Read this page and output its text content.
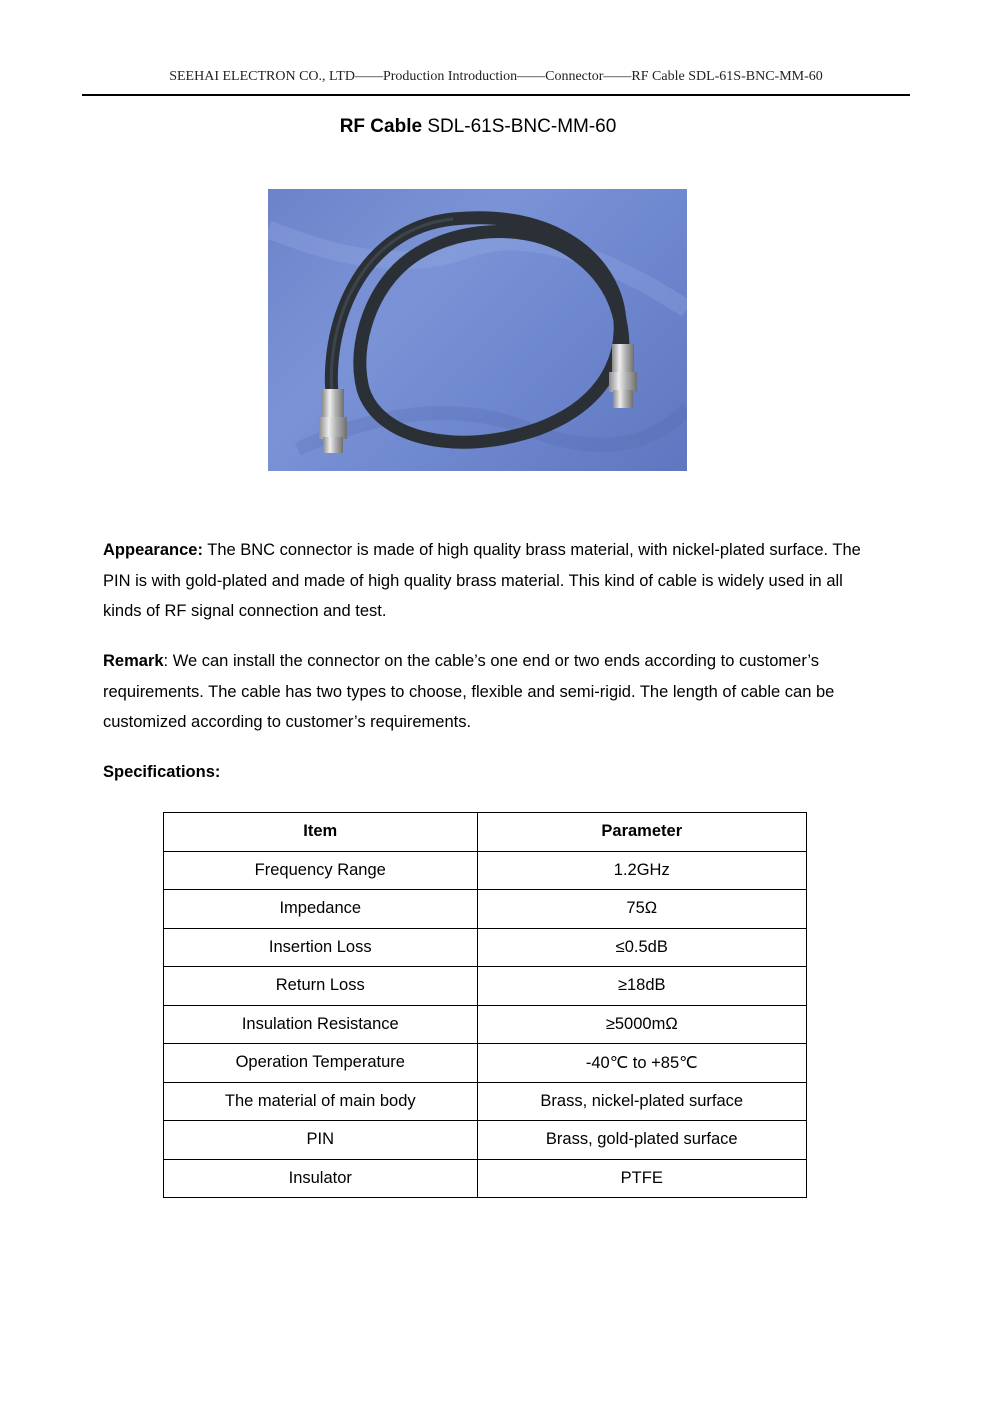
SEEHAI ELECTRON CO., LTD——Production Introduction——Connector——RF Cable SDL-61S-BNC-MM-60
RF Cable SDL-61S-BNC-MM-60
Appearance: The BNC connector is made of high quality brass material, with nickel-plated surface. The PIN is with gold-plated and made of high quality brass material. This kind of cable is widely used in all kinds of RF signal connection and test.
Remark: We can install the connector on the cable’s one end or two ends according to customer’s requirements. The cable has two types to choose, flexible and semi-rigid. The length of cable can be customized according to customer’s requirements.
Specifications:
Item	Parameter
Frequency Range	1.2GHz
Impedance	75Ω
Insertion Loss	≤0.5dB
Return Loss	≥18dB
Insulation Resistance	≥5000mΩ
Operation Temperature	-40℃ to +85℃
The material of main body	Brass, nickel-plated surface
PIN	Brass, gold-plated surface
Insulator	PTFE
